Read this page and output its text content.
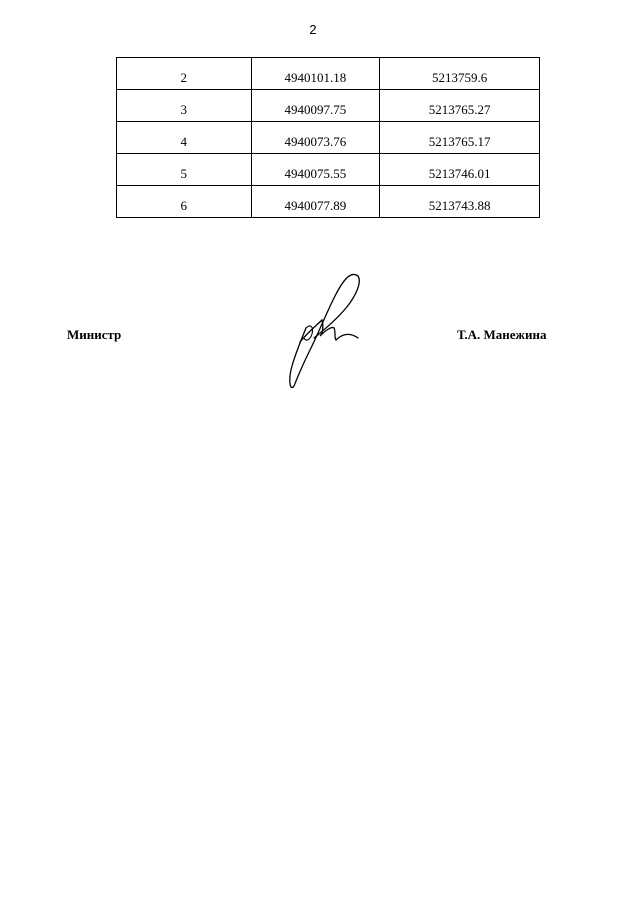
2
2	4940101.18	5213759.6
3	4940097.75	5213765.27
4	4940073.76	5213765.17
5	4940075.55	5213746.01
6	4940077.89	5213743.88
Министр	Т.А. Манежина
